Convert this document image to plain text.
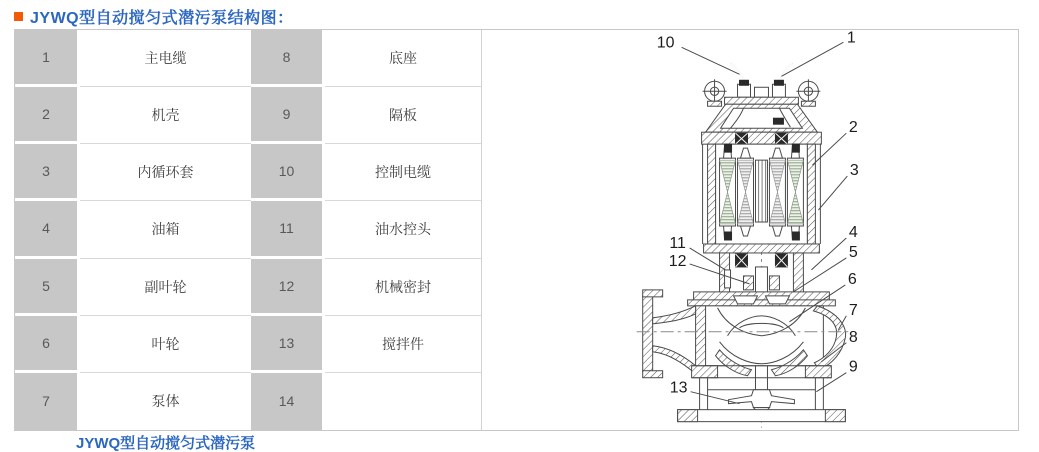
JYWQ型自动搅匀式潜污泵结构图：
1	主电缆	8	底座
2	机壳	9	隔板
3	内循环套	10	控制电缆
4	油箱	11	油水控头
5	副叶轮	12	机械密封
6	叶轮	13	搅拌件
7	泵体	14
10	1
2
3
4
5
6
7
8
9
11
12
13
JYWQ型自动搅匀式潜污泵
